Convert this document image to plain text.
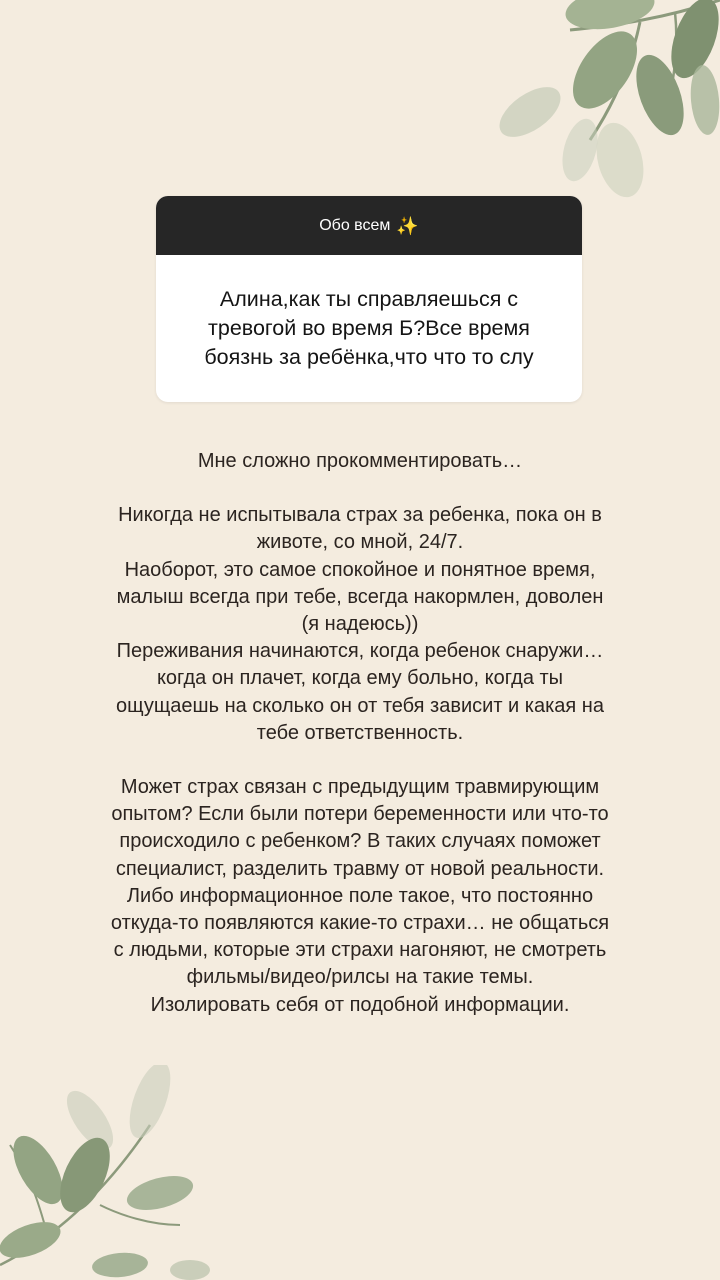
Обо всем ✨

Алина,как ты справляешься с
тревогой во время Б?Все время
боязнь за ребёнка,что что то слу

Мне сложно прокомментировать…

Никогда не испытывала страх за ребенка, пока он в
животе, со мной, 24/7.
Наоборот, это самое спокойное и понятное время,
малыш всегда при тебе, всегда накормлен, доволен
(я надеюсь))
Переживания начинаются, когда ребенок снаружи…
когда он плачет, когда ему больно, когда ты
ощущаешь на сколько он от тебя зависит и какая на
тебе ответственность.

Может страх связан с предыдущим травмирующим
опытом? Если были потери беременности или что-то
происходило с ребенком? В таких случаях поможет
специалист, разделить травму от новой реальности.
Либо информационное поле такое, что постоянно
откуда-то появляются какие-то страхи… не общаться
с людьми, которые эти страхи нагоняют, не смотреть
фильмы/видео/рилсы на такие темы.
Изолировать себя от подобной информации.
